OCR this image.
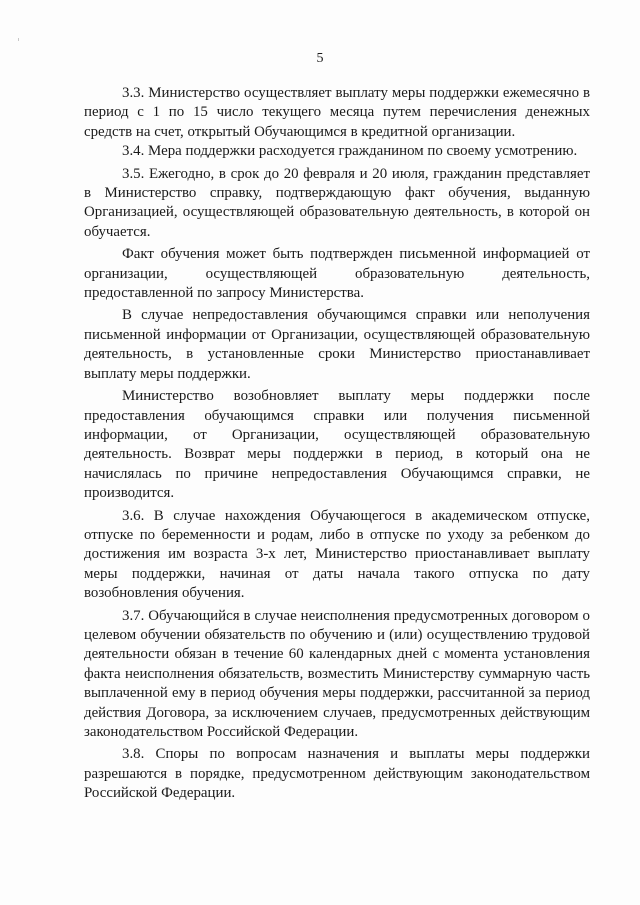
5

3.3. Министерство осуществляет выплату меры поддержки ежемесячно в период с 1 по 15 число текущего месяца путем перечисления денежных средств на счет, открытый Обучающимся в кредитной организации.

3.4. Мера поддержки расходуется гражданином по своему усмотрению.

3.5. Ежегодно, в срок до 20 февраля и 20 июля, гражданин представляет в Министерство справку, подтверждающую факт обучения, выданную Организацией, осуществляющей образовательную деятельность, в которой он обучается.

Факт обучения может быть подтвержден письменной информацией от организации, осуществляющей образовательную деятельность, предоставленной по запросу Министерства.

В случае непредоставления обучающимся справки или неполучения письменной информации от Организации, осуществляющей образовательную деятельность, в установленные сроки Министерство приостанавливает выплату меры поддержки.

Министерство возобновляет выплату меры поддержки после предоставления обучающимся справки или получения письменной информации, от Организации, осуществляющей образовательную деятельность. Возврат меры поддержки в период, в который она не начислялась по причине непредоставления Обучающимся справки, не производится.

3.6. В случае нахождения Обучающегося в академическом отпуске, отпуске по беременности и родам, либо в отпуске по уходу за ребенком до достижения им возраста 3-х лет, Министерство приостанавливает выплату меры поддержки, начиная от даты начала такого отпуска по дату возобновления обучения.

3.7. Обучающийся в случае неисполнения предусмотренных договором о целевом обучении обязательств по обучению и (или) осуществлению трудовой деятельности обязан в течение 60 календарных дней с момента установления факта неисполнения обязательств, возместить Министерству суммарную часть выплаченной ему в период обучения меры поддержки, рассчитанной за период действия Договора, за исключением случаев, предусмотренных действующим законодательством Российской Федерации.

3.8. Споры по вопросам назначения и выплаты меры поддержки разрешаются в порядке, предусмотренном действующим законодательством Российской Федерации.
